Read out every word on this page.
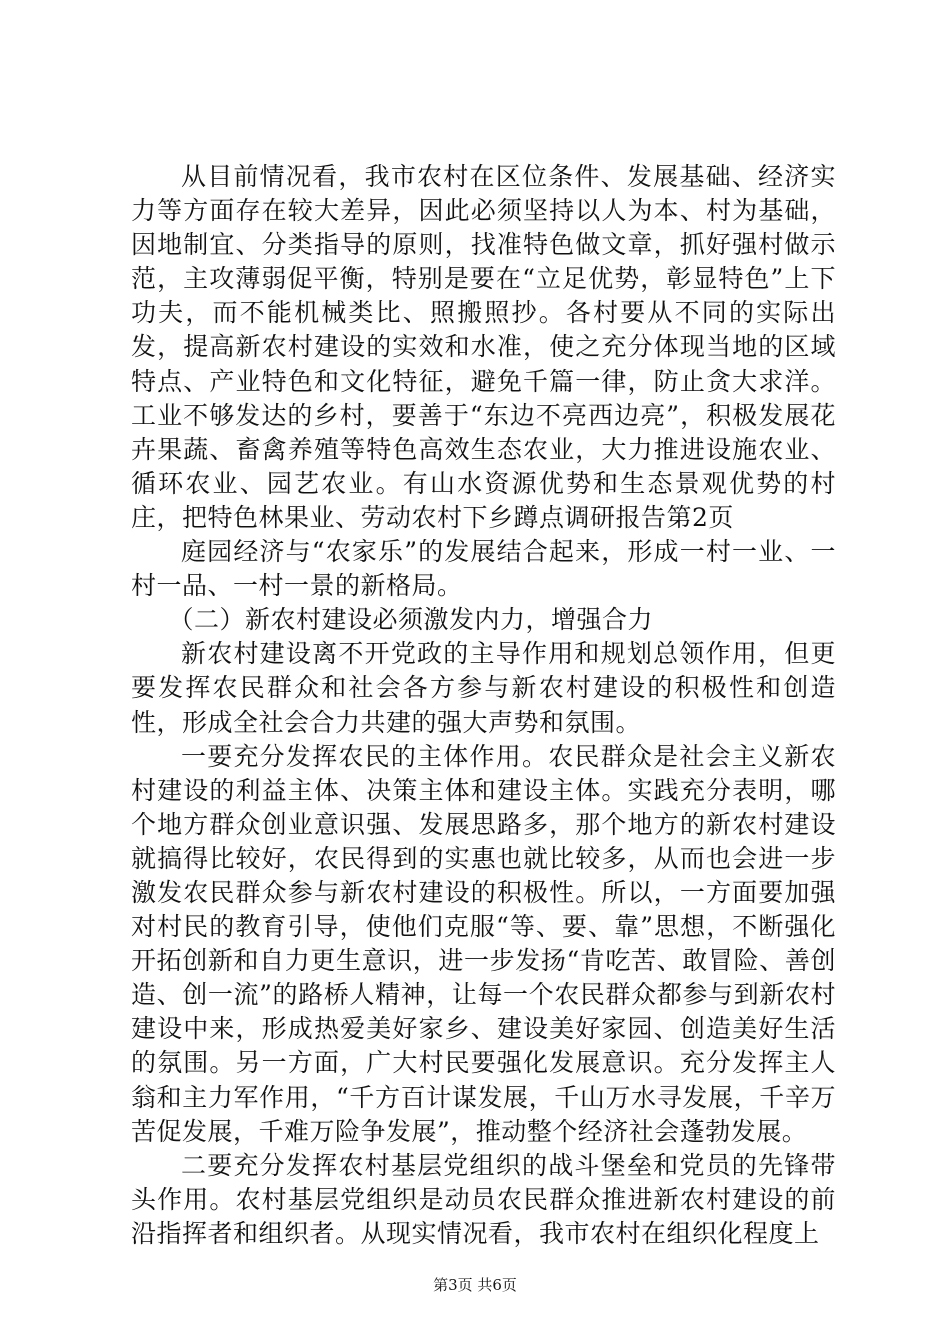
从目前情况看，我市农村在区位条件、发展基础、经济实力等方面存在较大差异，因此必须坚持以人为本、村为基础，因地制宜、分类指导的原则，找准特色做文章，抓好强村做示范，主攻薄弱促平衡，特别是要在“立足优势，彰显特色”上下功夫，而不能机械类比、照搬照抄。各村要从不同的实际出发，提高新农村建设的实效和水准，使之充分体现当地的区域特点、产业特色和文化特征，避免千篇一律，防止贪大求洋。工业不够发达的乡村，要善于“东边不亮西边亮”，积极发展花卉果蔬、畜禽养殖等特色高效生态农业，大力推进设施农业、循环农业、园艺农业。有山水资源优势和生态景观优势的村庄，把特色林果业、劳动农村下乡蹲点调研报告第2页

庭园经济与“农家乐”的发展结合起来，形成一村一业、一村一品、一村一景的新格局。

（二）新农村建设必须激发内力，增强合力

新农村建设离不开党政的主导作用和规划总领作用，但更要发挥农民群众和社会各方参与新农村建设的积极性和创造性，形成全社会合力共建的强大声势和氛围。

一要充分发挥农民的主体作用。农民群众是社会主义新农村建设的利益主体、决策主体和建设主体。实践充分表明，哪个地方群众创业意识强、发展思路多，那个地方的新农村建设就搞得比较好，农民得到的实惠也就比较多，从而也会进一步激发农民群众参与新农村建设的积极性。所以，一方面要加强对村民的教育引导，使他们克服“等、要、靠”思想，不断强化开拓创新和自力更生意识，进一步发扬“肯吃苦、敢冒险、善创造、创一流”的路桥人精神，让每一个农民群众都参与到新农村建设中来，形成热爱美好家乡、建设美好家园、创造美好生活的氛围。另一方面，广大村民要强化发展意识。充分发挥主人翁和主力军作用，“千方百计谋发展，千山万水寻发展，千辛万苦促发展，千难万险争发展”，推动整个经济社会蓬勃发展。

二要充分发挥农村基层党组织的战斗堡垒和党员的先锋带头作用。农村基层党组织是动员农民群众推进新农村建设的前沿指挥者和组织者。从现实情况看，我市农村在组织化程度上

第3页 共6页
